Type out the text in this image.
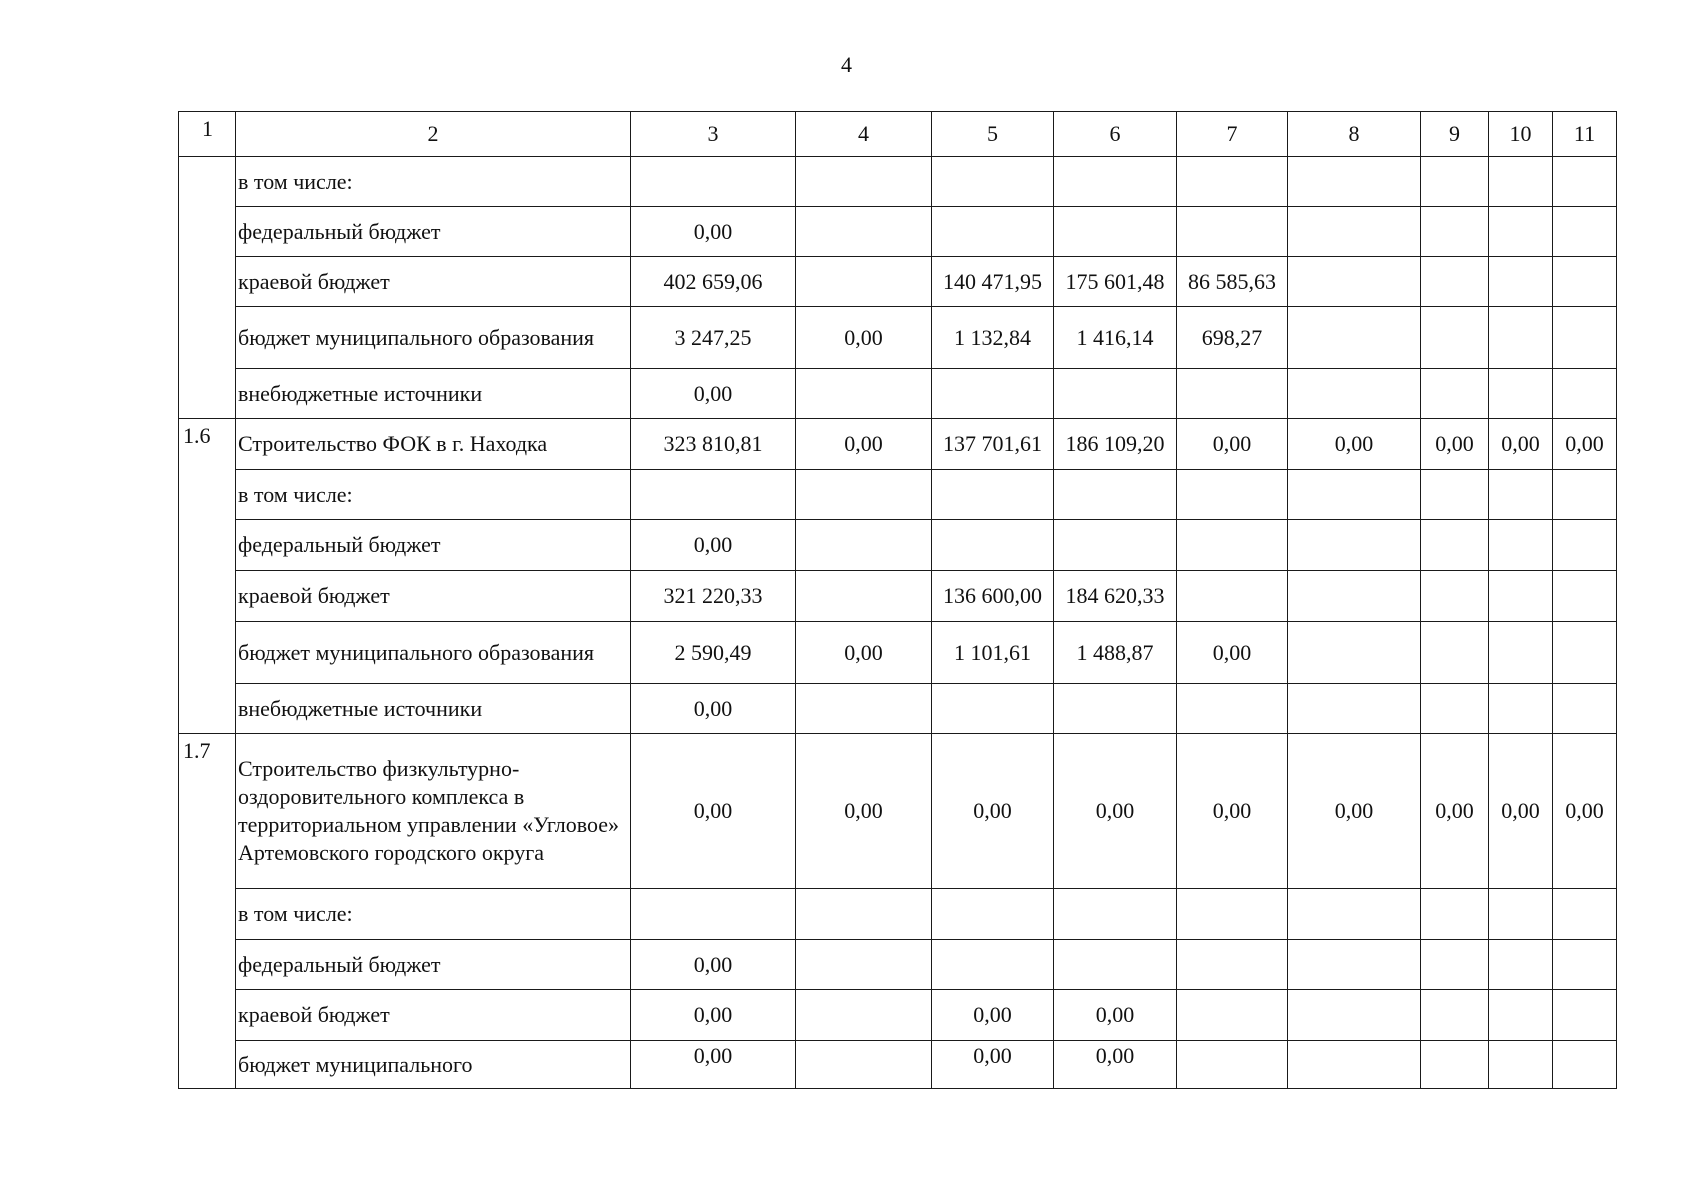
4
1	2	3	4	5	6	7	8	9	10	11
	в том числе:									
	федеральный бюджет	0,00								
	краевой бюджет	402 659,06		140 471,95	175 601,48	86 585,63				
	бюджет муниципального образования	3 247,25	0,00	1 132,84	1 416,14	698,27				
	внебюджетные источники	0,00								
1.6	Строительство ФОК в г. Находка	323 810,81	0,00	137 701,61	186 109,20	0,00	0,00	0,00	0,00	0,00
	в том числе:									
	федеральный бюджет	0,00								
	краевой бюджет	321 220,33		136 600,00	184 620,33					
	бюджет муниципального образования	2 590,49	0,00	1 101,61	1 488,87	0,00				
	внебюджетные источники	0,00								
1.7	Строительство физкультурно-оздоровительного комплекса в территориальном управлении «Угловое» Артемовского городского округа	0,00	0,00	0,00	0,00	0,00	0,00	0,00	0,00	0,00
	в том числе:									
	федеральный бюджет	0,00								
	краевой бюджет	0,00		0,00	0,00					
	бюджет муниципального	0,00		0,00	0,00					
